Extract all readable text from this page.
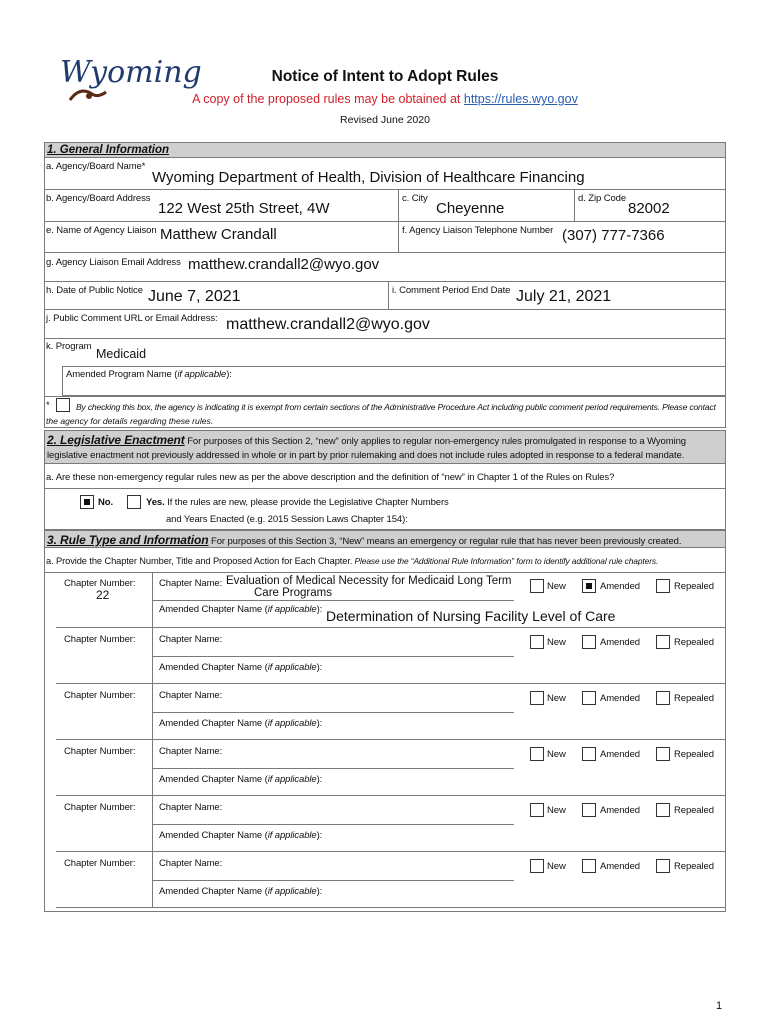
Wyoming	Notice of Intent to Adopt Rules
A copy of the proposed rules may be obtained at https://rules.wyo.gov
Revised June 2020
1. General Information
a. Agency/Board Name*
Wyoming Department of Health, Division of Healthcare Financing
b. Agency/Board Address
122 West 25th Street, 4W
c. City
Cheyenne
d. Zip Code
82002
e. Name of Agency Liaison Matthew Crandall	f. Agency Liaison Telephone Number (307) 777-7366
g. Agency Liaison Email Address matthew.crandall2@wyo.gov
h. Date of Public Notice June 7, 2021	i. Comment Period End Date July 21, 2021
j. Public Comment URL or Email Address: matthew.crandall2@wyo.gov
k. Program
Medicaid
Amended Program Name (if applicable):
*	By checking this box, the agency is indicating it is exempt from certain sections of the Administrative Procedure Act including public comment period requirements. Please contact
the agency for details regarding these rules.
2. Legislative Enactment For purposes of this Section 2, “new” only applies to regular non-emergency rules promulgated in response to a Wyoming
legislative enactment not previously addressed in whole or in part by prior rulemaking and does not include rules adopted in response to a federal mandate.
a. Are these non-emergency regular rules new as per the above description and the definition of “new” in Chapter 1 of the Rules on Rules?
No.	Yes. If the rules are new, please provide the Legislative Chapter Numbers
and Years Enacted (e.g. 2015 Session Laws Chapter 154):
3. Rule Type and Information For purposes of this Section 3, “New” means an emergency or regular rule that has never been previously created.
a. Provide the Chapter Number, Title and Proposed Action for Each Chapter. Please use the “Additional Rule Information” form to identify additional rule chapters.
Chapter Number:
22
Chapter Name: Evaluation of Medical Necessity for Medicaid Long Term
Care Programs
Amended Chapter Name (if applicable): Determination of Nursing Facility Level of Care
New	Amended	Repealed
Chapter Number: Chapter Name:
Amended Chapter Name (if applicable):
New	Amended	Repealed
Chapter Number: Chapter Name:
Amended Chapter Name (if applicable):
New	Amended	Repealed
Chapter Number: Chapter Name:
Amended Chapter Name (if applicable):
New	Amended	Repealed
Chapter Number: Chapter Name:
Amended Chapter Name (if applicable):
New	Amended	Repealed
Chapter Number: Chapter Name:
Amended Chapter Name (if applicable):
New	Amended	Repealed
1
